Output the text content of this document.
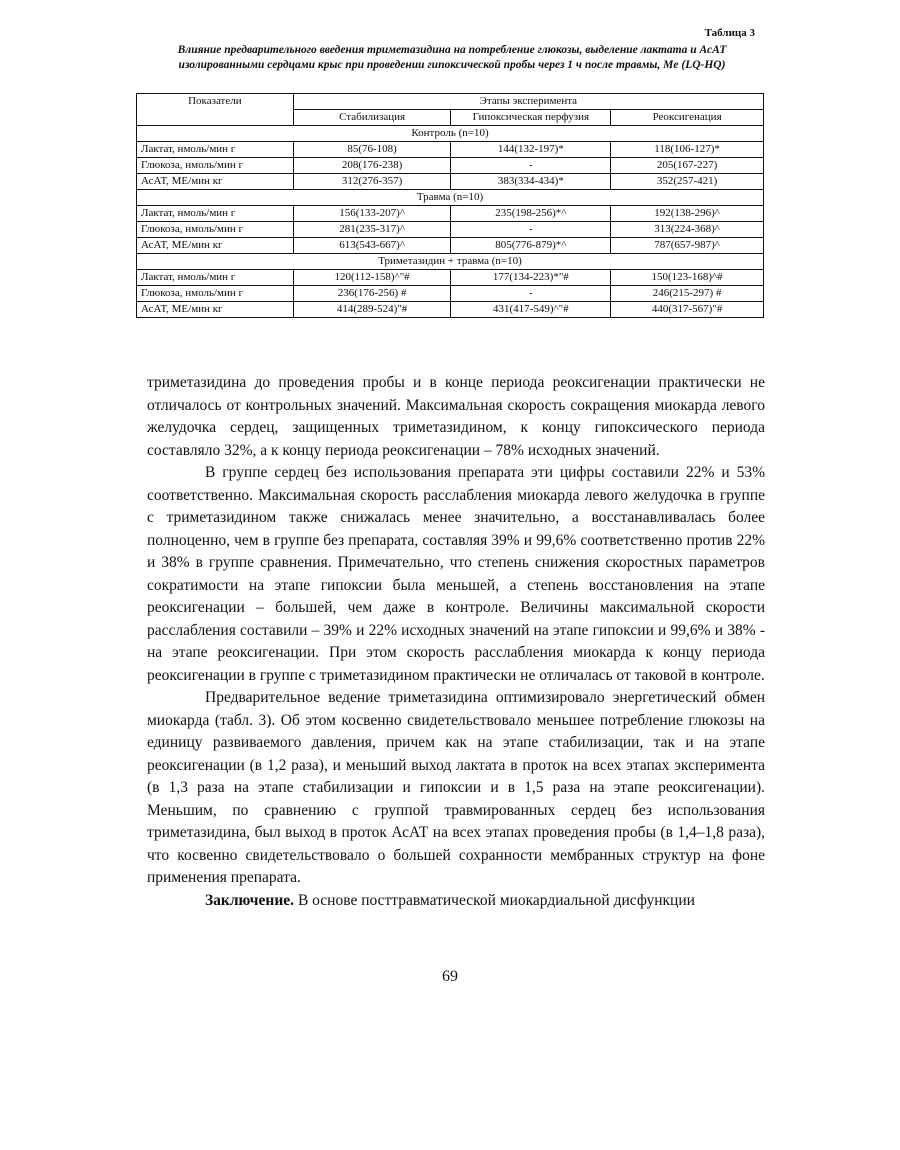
Таблица 3
Влияние предварительного введения триметазидина на потребление глюкозы, выделение лактата и АсАТ изолированными сердцами крыс при проведении гипоксической пробы через 1 ч после травмы, Me (LQ-HQ)
Показатели	Этапы эксперимента		
	Стабилизация	Гипоксическая перфузия	Реоксигенация
Контроль (n=10)			
Лактат, нмоль/мин г	85(76-108)	144(132-197)*	118(106-127)*
Глюкоза, нмоль/мин г	208(176-238)	-	205(167-227)
АсАТ, МЕ/мин кг	312(276-357)	383(334-434)*	352(257-421)
Травма (n=10)			
Лактат, нмоль/мин г	156(133-207)^	235(198-256)*^	192(138-296)^
Глюкоза, нмоль/мин г	281(235-317)^	-	313(224-368)^
АсАТ, МЕ/мин кг	613(543-667)^	805(776-879)*^	787(657-987)^
Триметазидин + травма (n=10)			
Лактат, нмоль/мин г	120(112-158)^"#	177(134-223)*"#	150(123-168)^#
Глюкоза, нмоль/мин г	236(176-256) #	-	246(215-297) #
АсАТ, МЕ/мин кг	414(289-524)"#	431(417-549)^"#	440(317-567)"#

триметазидина до проведения пробы и в конце периода реоксигенации практически не отличалось от контрольных значений. Максимальная скорость сокращения миокарда левого желудочка сердец, защищенных триметазидином, к концу гипоксического периода составляло 32%, а к концу периода реоксигенации – 78% исходных значений.

В группе сердец без использования препарата эти цифры составили 22% и 53% соответственно. Максимальная скорость расслабления миокарда левого желудочка в группе с триметазидином также снижалась менее значительно, а восстанавливалась более полноценно, чем в группе без препарата, составляя 39% и 99,6% соответственно против 22% и 38% в группе сравнения. Примечательно, что степень снижения скоростных параметров сократимости на этапе гипоксии была меньшей, а степень восстановления на этапе реоксигенации – большей, чем даже в контроле. Величины максимальной скорости расслабления составили – 39% и 22% исходных значений на этапе гипоксии и 99,6% и 38% - на этапе реоксигенации. При этом скорость расслабления миокарда к концу периода реоксигенации в группе с триметазидином практически не отличалась от таковой в контроле.

Предварительное ведение триметазидина оптимизировало энергетический обмен миокарда (табл. 3). Об этом косвенно свидетельствовало меньшее потребление глюкозы на единицу развиваемого давления, причем как на этапе стабилизации, так и на этапе реоксигенации (в 1,2 раза), и меньший выход лактата в проток на всех этапах эксперимента (в 1,3 раза на этапе стабилизации и гипоксии и в 1,5 раза на этапе реоксигенации). Меньшим, по сравнению с группой травмированных сердец без использования триметазидина, был выход в проток АсАТ на всех этапах проведения пробы (в 1,4–1,8 раза), что косвенно свидетельствовало о большей сохранности мембранных структур на фоне применения препарата.

Заключение. В основе посттравматической миокардиальной дисфункции

69
